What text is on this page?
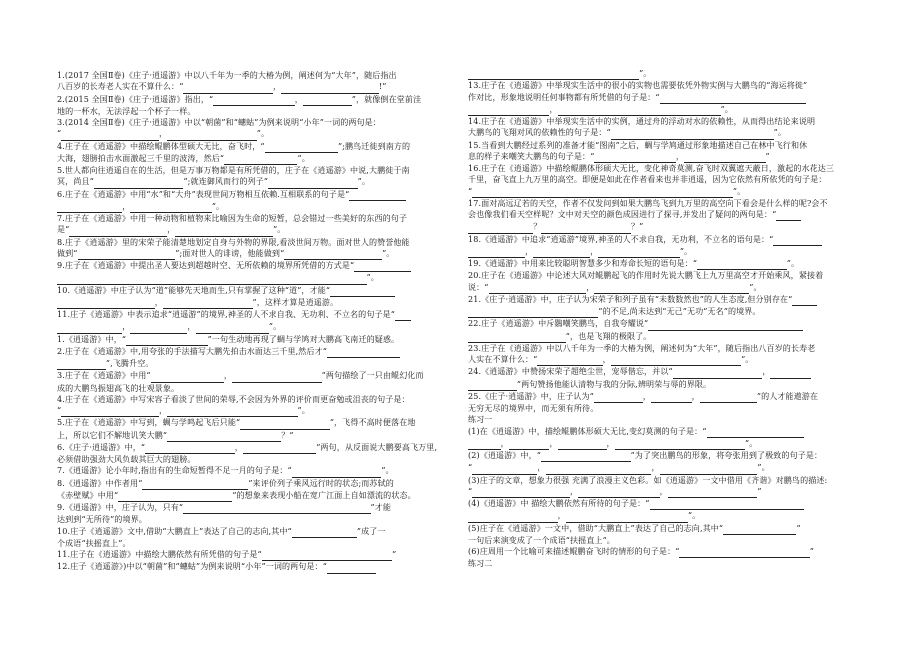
1.(2017 全国Ⅱ卷)《庄子·逍遥游》中以八千年为一季的大椿为例，阐述何为“大年”，随后指出
八百岁的长寿老人实在不算什么：“　　　　　　　　　　　	，　　　　　　　　　　　　	!”
2.(2015 全国Ⅱ卷)《庄子·逍遥游》指出，“　　　　　　　　　　	，　　　　　　	”，就像倒在堂前洼
地的一杯水，无法浮起一个杯子一样。
3.(2014 全国Ⅱ卷)《庄子·逍遥游》中以“朝菌”和“蟪蛄”为例来说明“小年”一词的两句是：
“　　　　　　　　　　　　	，　　　　　　　　　　　	”。
4.庄子在《逍遥游》中描绘鲲鹏体型硕大无比，奋飞时，“　　　　　　　　　	”;鹏鸟迁徙到南方的
大海，翅膀拍击水面激起三千里的波涛，然后“　　　　　　　　　	”。
5.世人都向往逍遥自在的生活，但是万事万物都是有所凭借的，庄子在《逍遥游》中说,大鹏徙于南
冥，尚且“　　　　　　　　　　　	”;就连御风而行的列子“　　　　　　　　　　　	”。
6.庄子在《逍遥游》中用“水”和“大舟”表现世间万物相互依赖.互相联系的句子是“　　　　　　　
　　　　　　　　，　　　　　　　　　　	”。
7.庄子在《逍遥游》中用一种动物和植物来比喻因为生命的短暂，总会错过一些美好的东西的句子
是“　　　　　　　　　　　　	，　　　　　　　　　　　　	”。
8.庄子《逍遥游》里的宋荣子能清楚地划定自身与外物的界限,看淡世间万物。面对世人的赞誉他能
做到“　　　　　　　　　　　　	”;面对世人的诽谤，他能做到“　　　　　　　　　　　　	”。
9.庄子在《逍遥游》中提出圣人要达到超越时空、无所依赖的境界所凭借的方式是“　　　　　　　
　　　　　　　　　　　　　　　　　　　　　　　　　　　　　　　　　　　　　　”。
10.《逍遥游》中庄子认为“道”能够先天地而生,只有掌握了这种“道”，才能“　　　　　　　　
　　　　　　　　　　　　，　　　　　　　　　　　	”，这样才算是逍遥游。
11.庄子《逍遥游》中表示追求“逍遥游”的境界,神圣的人不求自我、无功利、不立名的句子是“　　
　　　　　　　　，　　　　　　　	，　　　　　　　　　	”。
1.《逍遥游》中，“　　　　　　　　　　	”一句生动地再现了蜩与学鸠对大鹏高飞南迁的疑惑。
2.庄子在《逍遥游》中,用夸张的手法描写大鹏先拍击水面达三千里,然后才“　　　　　　　　　
　　　　　　”,飞腾升空。
3.庄子在《逍遥游》中用“　　　　　　　　　	，　　　　　　　　　　　	”两句描绘了一只由鲲幻化而
成的大鹏鸟振翅高飞的壮观景象。
4.庄子在《逍遥游》中写宋容子看淡了世间的荣辱,不会因为外界的评价而更奋勉或沮丧的句子是：
“　　　　　　　　　　　　	，　　　　　　　　　　　　　　　　	”。
5.庄子在《逍遥游》中写到，蜩与学鸣起飞后只能“　　　　　　　　　　　	”，飞得不高时便落在地
上，所以它们不解地讥笑大鹏“　　　　　　　　　　　　　　	？”
6.《庄子·逍遥游》中，“　　　　　　　　　　　	，　　　　　　　　　	”两句，从反面说大鹏要高飞万里,
必须借助强劲大风负载其巨大的翅膀。
7.《逍遥游》论小年时,指出有的生命短暂得不足一月的句子是：“　　　　　　　　　　　	”。
8.《逍遥游》中作者用“　　　　　　　　　　　　　	”来评价列子乘风远行时的状态;而苏轼的
《赤壁赋》中用“　　　　　　　　　　　　　　	”的想象来表现小船在宽广江面上自如漂流的状态。
9.《逍遥游》中，庄子认为，只有“　　　　　　　　　　　　　　　　　　　　　　　	”才能
达到到“无所待”的境界。
10.庄子《逍遥游》文中,借助“大鹏直上”表达了自己的志向,其中“　　　　　　　　	”成了一
个成语“扶摇直上”。
11.庄子在《逍遥游》中描绘大鹏依然有所凭借的句子是“　　　　　　　　　　　　　　　　	”
12.庄子《逍遥游》)中以“朝菌”和“蟪蛄”为例来说明“小年”一词的两句是：“　　　　　　
　　　　　　　　　　　　　　　　　　　　　”。
13.庄子在《逍遥游》中举现实生活中的很小的实物也需要依凭外物实例与大鹏鸟的“海运将徙”
作对比，形象地说明任何事物都有所凭借的句子是：“　　　　　　　　　　　　　　　　　　
　　　　　　　　　　，　　　　　　　　　　　　　　　　　　　　	”。
14.庄子在《逍遥游》中举现实生活中的实例，通过舟的浮动对水的依赖性，从而得出结论来说明
大鹏鸟的飞翔对风的依赖性的句子是：“　　　　　　　　　　　　　　　　　　　　	”。
15.当看到大鹏经过系列的准备才能“图南”之后，蜩与学鸠通过形象地描述自己在林中飞行和休
息的样子来嘲笑大鹏鸟的句子是：“　　　　　　　　　　	，　　　　　　　　　　	”
16.庄子在《逍遥游》中描绘鲲鹏体形硕大无比，变化神奇莫测,奋飞时双翼遮天蔽日，激起的水花达三
千里，奋飞直上九万里的高空。即便是如此在作者看来也并非逍遥，因为它依然有所依凭的句子是：
“　　　　　　　　　　　　　　　　　　　　　　　　　　　　　　　　	”。
17.面对高远辽若的天空，作者不仅发问到如果大鹏鸟飞到九万里的高空向下看会是什么样的呢?会不
会也像我们看天空样呢？文中对天空的颜色成因进行了探寻,并发出了疑问的两句是：“　　　
　　　　　　　　？　　　　　　　　　　　	？”
18.《逍遥游》中追求“逍遥游”境界,神圣的人不求自我，无功利，不立名的语句是：“　　　　　　
　　　　　　　，　　　　　　　	，　　　　　　　　　　	”。
19.《逍遥游》中用来比较聪明智慧多少和寿命长短的语句是：“　　　　　　　　　　　	”。
20.庄子在《逍遥游》中论述大风对鲲鹏起飞的作用时先说大鹏飞上九万里高空才开始乘风，紧接着
说：“　　　　　　　　　　　　	，　　　　　　　　　　　　　　　　　　　	”。
21.《庄子·逍遥游》中，庄子认为宋荣子和列子虽有“未数数然也”的人生态度,但分别存在“　　　
　　　　　　　　　　　　　　　　”的不足,尚未达到“无己”无功”无名”的境界。
22.庄子《逍遥游》中斥鷃嘲笑鹏鸟，自我夸耀说“　　　　　　　　　　　　　　　　　　　
　　　　　　　　　　　　”，也是飞翔的极限了。
23.庄子在《逍遥游》中以八千年为一季的大椿为例，阐述何为“大年”，随后指出八百岁的长寿老
人实在不算什么：“　　　　　　　　	，　　　　　　　　　　　　　　　　	”。
24.《逍遥游》中赞扬宋荣子超绝尘世，宠辱偕忘，并以“　　　　　　　　　　　	，　　　　　
　　　　　　”两句赞扬他能认清物与我的分际,辨明荣与辱的界限。
25.《庄子·逍遥游》中，庄子认为“　　　　　　	，　　　　　	，　　　　　　　	”的人才能遨游在
无穷无尽的境界中，而无须有所待。
练习一
(1)在《逍遥游》中，描绘鲲鹏体形硕大无比,变幻莫测的句子是：“　　　　　　　　　　　　
　　　　，　　　　　	，　　　　　　	，　　　　　　　　　　　　　　　　	”。
(2)《逍遥游》中，“　　　　　　　　　　　	”为了突出鹏鸟的形象，将夸张用到了极致的句子是：
“　　　　　　　　	，　　　　　　　　　　　　　	，　　　　　　　　　　　　	”。
(3)庄子的文章，想象力很强 充满了浪漫主义色彩。如《逍遥游》一文中借用《齐谐》对鹏鸟的描述:
“　　　　　　　　　　　　	，　　　　　　　　　　	，　　　　　　　　　　　	”
(4)《逍遥游》中 描绘大鹏依然有所待的句子是：“　　　　　　　　　　　　　　　　　　　
　　　　　　　　　　　，　　　　　　　　　　　　　　　	”。
(5)庄子在《逍遥游》一文中，借助“大鹏直上”表达了自己的志向,其中“　　　　　　　　　	”
一句后来演变成了一个成语“扶摇直上”。
(6)庄周用一个比喻可来描述鲲鹏奋飞时的情形的句子是：“　　　　　　　　　　　　　　　　	”
练习二
